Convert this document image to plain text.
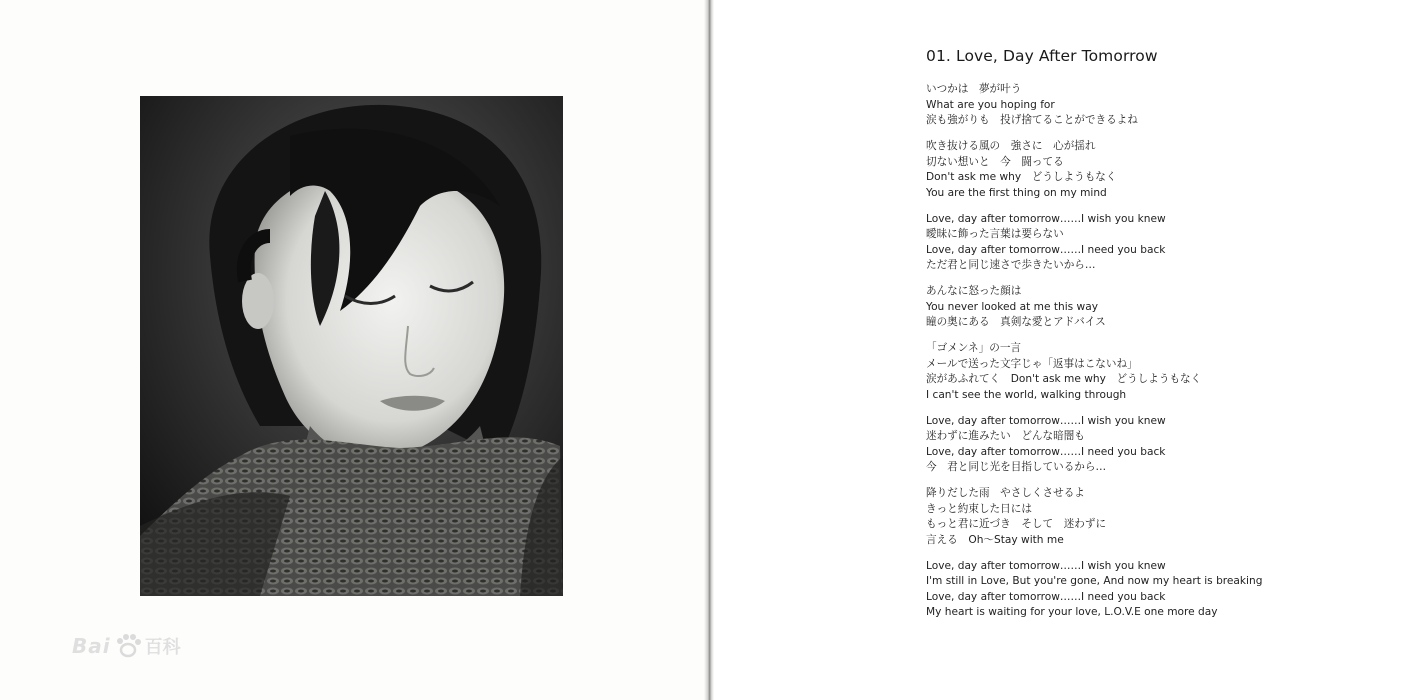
Bai 百科
01. Love, Day After Tomorrow
いつかは　夢が叶う
What are you hoping for
涙も強がりも　投げ捨てることができるよね
吹き抜ける風の　強さに　心が揺れ
切ない想いと　今　闘ってる
Don't ask me why　どうしようもなく
You are the first thing on my mind
Love, day after tomorrow……I wish you knew
曖昧に飾った言葉は要らない
Love, day after tomorrow……I need you back
ただ君と同じ速さで歩きたいから…
あんなに怒った顔は
You never looked at me this way
瞳の奥にある　真剣な愛とアドバイス
「ゴメンネ」の一言
メールで送った文字じゃ「返事はこないね」
涙があふれてく　Don't ask me why　どうしようもなく
I can't see the world, walking through
Love, day after tomorrow……I wish you knew
迷わずに進みたい　どんな暗闇も
Love, day after tomorrow……I need you back
今　君と同じ光を目指しているから…
降りだした雨　やさしくさせるよ
きっと約束した日には
もっと君に近づき　そして　迷わずに
言える　Oh～Stay with me
Love, day after tomorrow……I wish you knew
I'm still in Love, But you're gone, And now my heart is breaking
Love, day after tomorrow……I need you back
My heart is waiting for your love, L.O.V.E one more day
